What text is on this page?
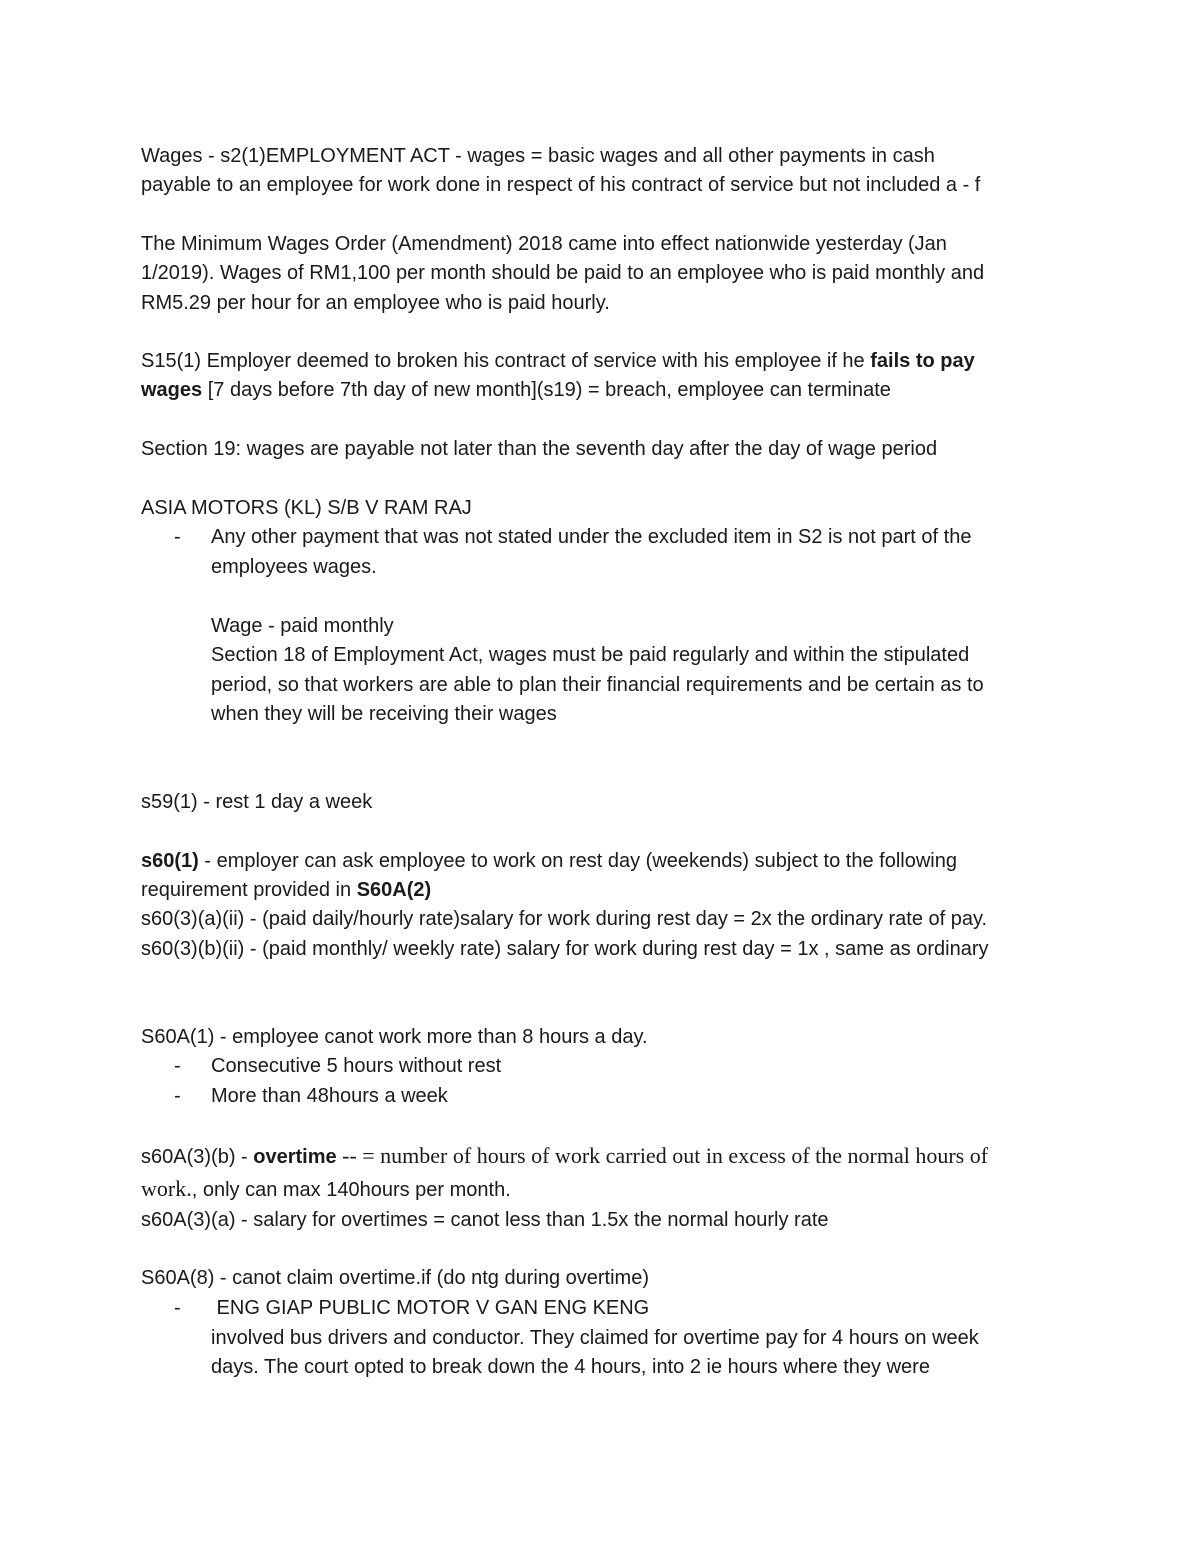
Wages - s2(1)EMPLOYMENT ACT - wages = basic wages and all other payments in cash
payable to an employee for work done in respect of his contract of service but not included a - f
The Minimum Wages Order (Amendment) 2018 came into effect nationwide yesterday (Jan
1/2019). Wages of RM1,100 per month should be paid to an employee who is paid monthly and
RM5.29 per hour for an employee who is paid hourly.
S15(1) Employer deemed to broken his contract of service with his employee if he fails to pay
wages [7 days before 7th day of new month](s19) = breach, employee can terminate
Section 19: wages are payable not later than the seventh day after the day of wage period
ASIA MOTORS (KL) S/B V RAM RAJ
- Any other payment that was not stated under the excluded item in S2 is not part of the
employees wages.
Wage - paid monthly
Section 18 of Employment Act, wages must be paid regularly and within the stipulated
period, so that workers are able to plan their financial requirements and be certain as to
when they will be receiving their wages
s59(1) - rest 1 day a week
s60(1) - employer can ask employee to work on rest day (weekends) subject to the following
requirement provided in S60A(2)
s60(3)(a)(ii) - (paid daily/hourly rate)salary for work during rest day = 2x the ordinary rate of pay.
s60(3)(b)(ii) - (paid monthly/ weekly rate) salary for work during rest day = 1x , same as ordinary
S60A(1) - employee canot work more than 8 hours a day.
- Consecutive 5 hours without rest
- More than 48hours a week
s60A(3)(b) - overtime -- = number of hours of work carried out in excess of the normal hours of
work., only can max 140hours per month.
s60A(3)(a) - salary for overtimes = canot less than 1.5x the normal hourly rate
S60A(8) - canot claim overtime.if (do ntg during overtime)
- ENG GIAP PUBLIC MOTOR V GAN ENG KENG
involved bus drivers and conductor. They claimed for overtime pay for 4 hours on week
days. The court opted to break down the 4 hours, into 2 ie hours where they were
